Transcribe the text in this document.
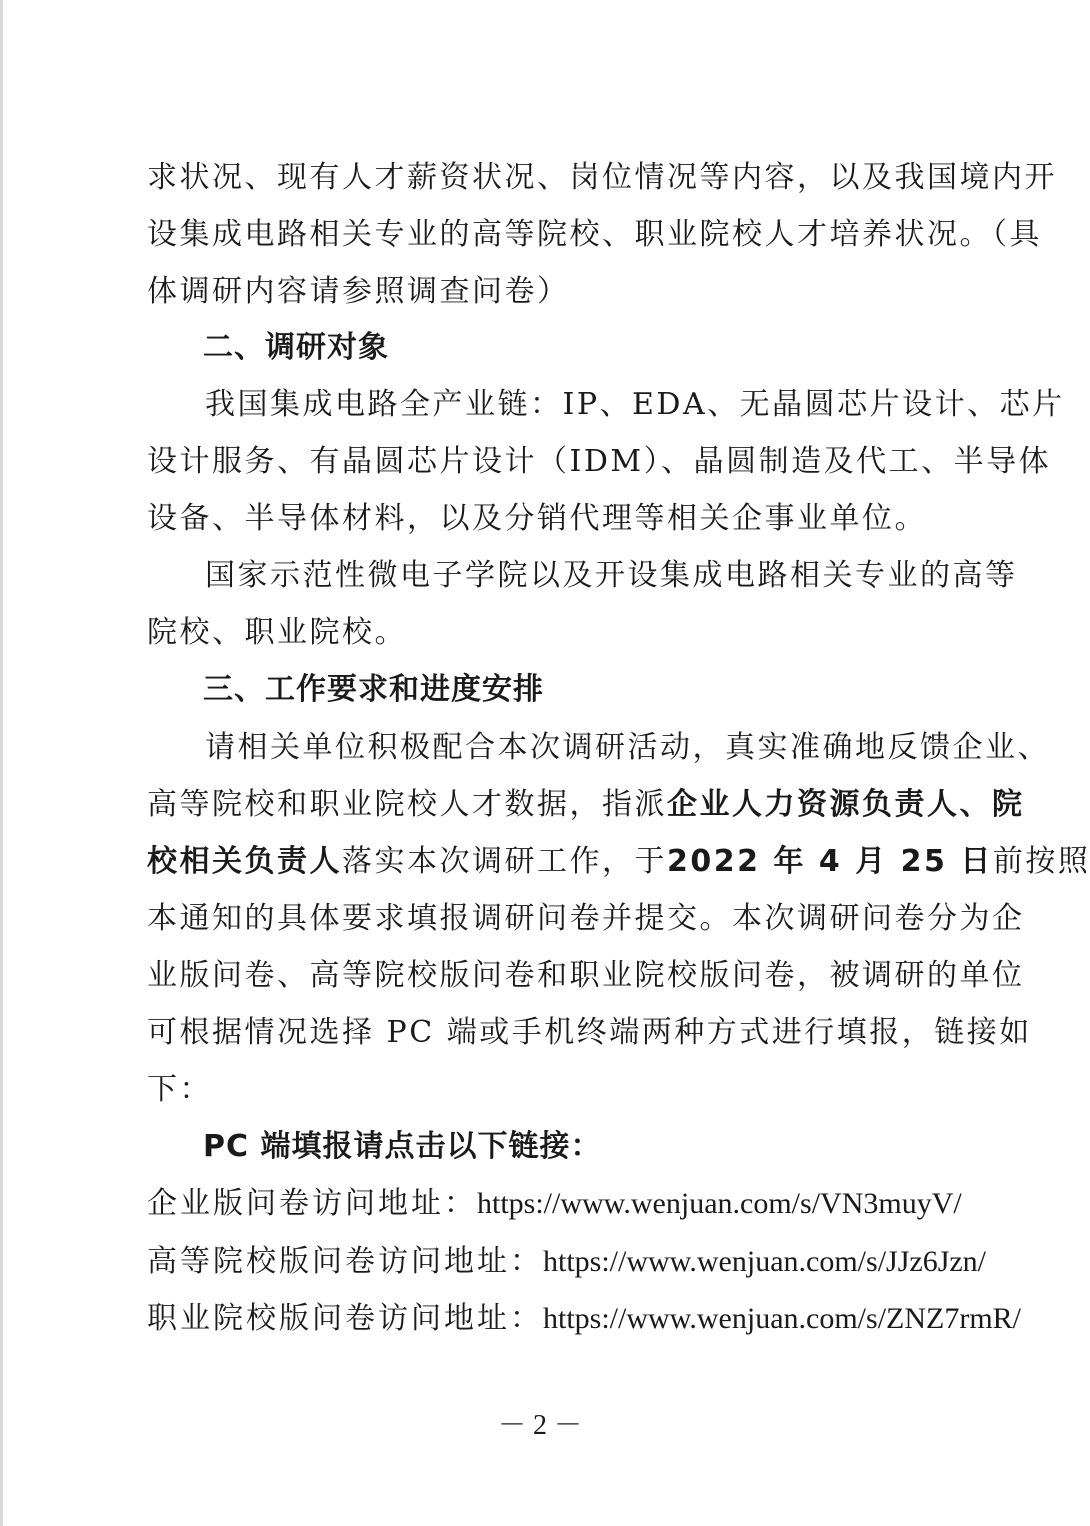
求状况、现有人才薪资状况、岗位情况等内容，以及我国境内开
设集成电路相关专业的高等院校、职业院校人才培养状况。（具
体调研内容请参照调查问卷）
二、调研对象
我国集成电路全产业链：IP、EDA、无晶圆芯片设计、芯片
设计服务、有晶圆芯片设计（IDM）、晶圆制造及代工、半导体
设备、半导体材料，以及分销代理等相关企事业单位。
国家示范性微电子学院以及开设集成电路相关专业的高等
院校、职业院校。
三、工作要求和进度安排
请相关单位积极配合本次调研活动，真实准确地反馈企业、
高等院校和职业院校人才数据，指派企业人力资源负责人、院
校相关负责人落实本次调研工作，于2022 年 4 月 25 日前按照
本通知的具体要求填报调研问卷并提交。本次调研问卷分为企
业版问卷、高等院校版问卷和职业院校版问卷，被调研的单位
可根据情况选择 PC 端或手机终端两种方式进行填报，链接如
下：
PC 端填报请点击以下链接：
企业版问卷访问地址：https://www.wenjuan.com/s/VN3muyV/
高等院校版问卷访问地址：https://www.wenjuan.com/s/JJz6Jzn/
职业院校版问卷访问地址：https://www.wenjuan.com/s/ZNZ7rmR/
－ 2 －
